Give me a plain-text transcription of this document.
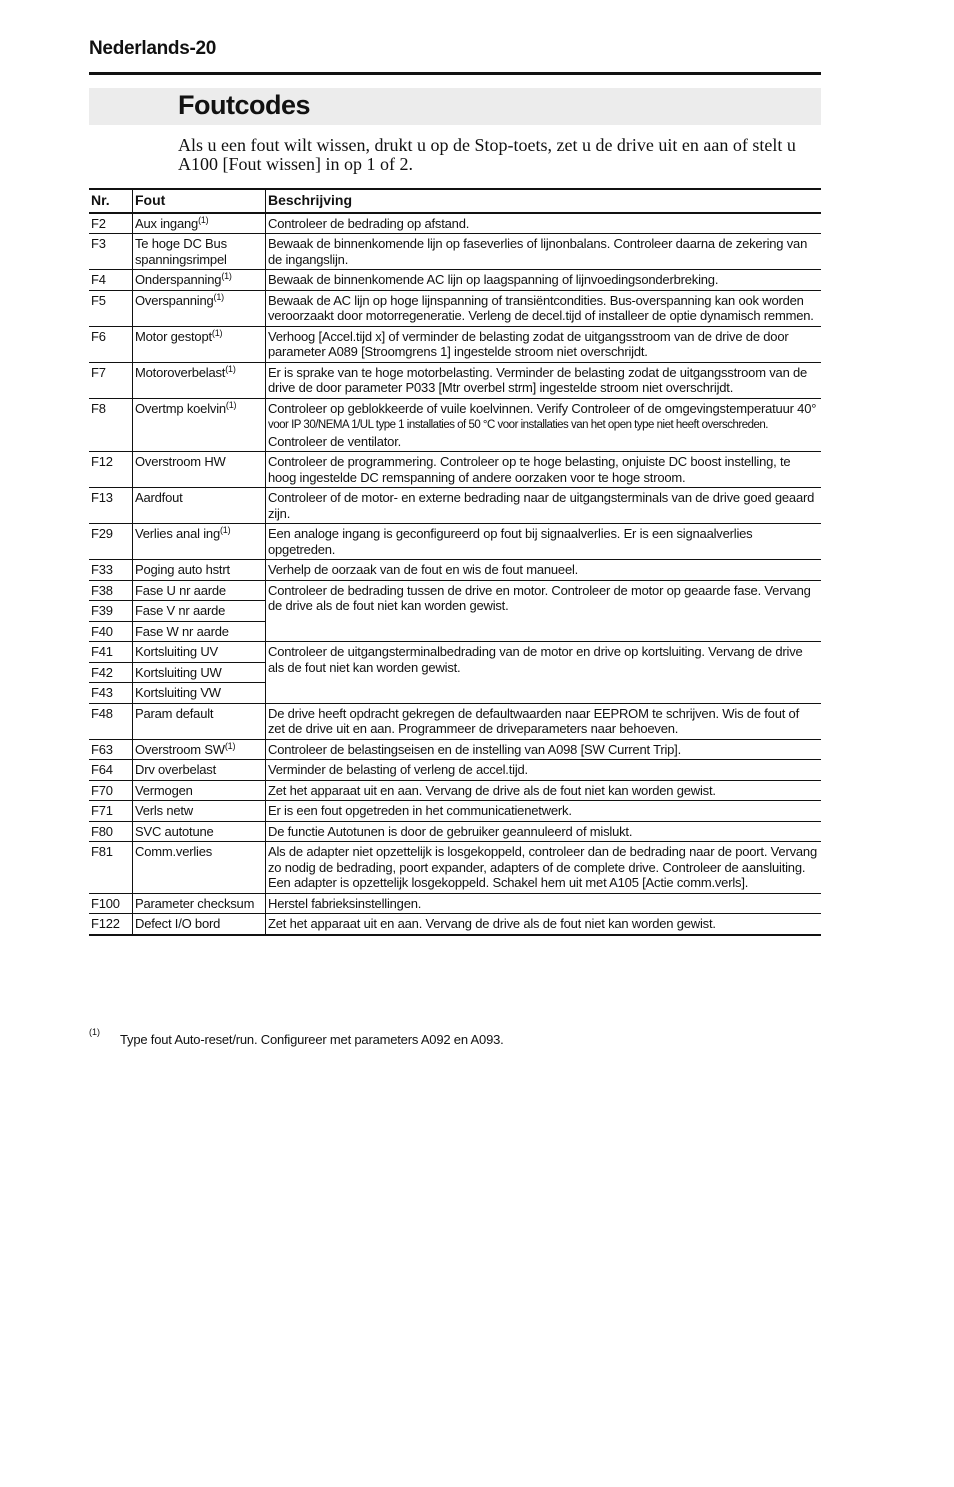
Nederlands-20
Foutcodes
Als u een fout wilt wissen, drukt u op de Stop-toets, zet u de drive uit en aan of stelt u A100 [Fout wissen] in op 1 of 2.
Nr.	Fout	Beschrijving
F2	Aux ingang$^{(1)}$	Controleer de bedrading op afstand.
F3	Te hoge DC Bus spanningsrimpel	Bewaak de binnenkomende lijn op faseverlies of lijnonbalans. Controleer daarna de zekering van de ingangslijn.
F4	Onderspanning$^{(1)}$	Bewaak de binnenkomende AC lijn op laagspanning of lijnvoedingsonderbreking.
F5	Overspanning$^{(1)}$	Bewaak de AC lijn op hoge lijnspanning of transiëntcondities. Bus-overspanning kan ook worden veroorzaakt door motorregeneratie. Verleng de decel.tijd of installeer de optie dynamisch remmen.
F6	Motor gestopt$^{(1)}$	Verhoog [Accel.tijd x] of verminder de belasting zodat de uitgangsstroom van de drive de door parameter A089 [Stroomgrens 1] ingestelde stroom niet overschrijdt.
F7	Motoroverbelast$^{(1)}$	Er is sprake van te hoge motorbelasting. Verminder de belasting zodat de uitgangsstroom van de drive de door parameter P033 [Mtr overbel strm] ingestelde stroom niet overschrijdt.
F8	Overtmp koelvin$^{(1)}$	Controleer op geblokkeerde of vuile koelvinnen. Verify Controleer of de omgevingstemperatuur 40° voor IP 30/NEMA 1/UL type 1 installaties of 50 °C voor installaties van het open type niet heeft overschreden.
Controleer de ventilator.
F12	Overstroom HW	Controleer de programmering. Controleer op te hoge belasting, onjuiste DC boost instelling, te hoog ingestelde DC remspanning of andere oorzaken voor te hoge stroom.
F13	Aardfout	Controleer of de motor- en externe bedrading naar de uitgangsterminals van de drive goed geaard zijn.
F29	Verlies anal ing$^{(1)}$	Een analoge ingang is geconfigureerd op fout bij signaalverlies. Er is een signaalverlies opgetreden.
F33	Poging auto hstrt	Verhelp de oorzaak van de fout en wis de fout manueel.
F38	Fase U nr aarde	Controleer de bedrading tussen de drive en motor. Controleer de motor op geaarde fase. Vervang de drive als de fout niet kan worden gewist.
F39	Fase V nr aarde	
F40	Fase W nr aarde	
F41	Kortsluiting UV	Controleer de uitgangsterminalbedrading van de motor en drive op kortsluiting. Vervang de drive als de fout niet kan worden gewist.
F42	Kortsluiting UW	
F43	Kortsluiting VW	
F48	Param default	De drive heeft opdracht gekregen de defaultwaarden naar EEPROM te schrijven. Wis de fout of zet de drive uit en aan. Programmeer de driveparameters naar behoeven.
F63	Overstroom SW$^{(1)}$	Controleer de belastingseisen en de instelling van A098 [SW Current Trip].
F64	Drv overbelast	Verminder de belasting of verleng de accel.tijd.
F70	Vermogen	Zet het apparaat uit en aan. Vervang de drive als de fout niet kan worden gewist.
F71	Verls netw	Er is een fout opgetreden in het communicatienetwerk.
F80	SVC autotune	De functie Autotunen is door de gebruiker geannuleerd of mislukt.
F81	Comm.verlies	Als de adapter niet opzettelijk is losgekoppeld, controleer dan de bedrading naar de poort. Vervang zo nodig de bedrading, poort expander, adapters of de complete drive. Controleer de aansluiting. Een adapter is opzettelijk losgekoppeld. Schakel hem uit met A105 [Actie comm.verls].
F100	Parameter checksum	Herstel fabrieksinstellingen.
F122	Defect I/O bord	Zet het apparaat uit en aan. Vervang de drive als de fout niet kan worden gewist.
(1) Type fout Auto-reset/run. Configureer met parameters A092 en A093.
